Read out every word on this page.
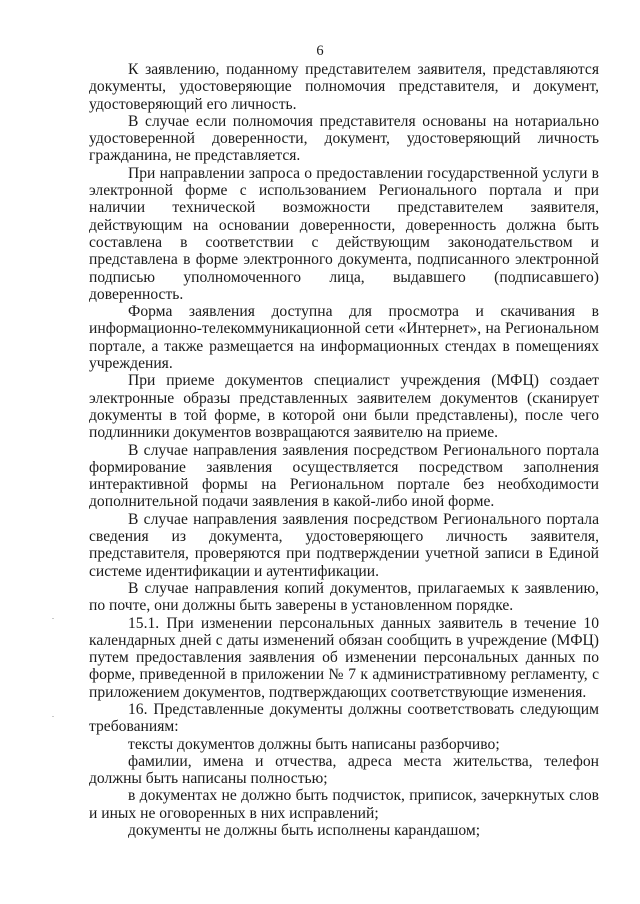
6

К заявлению, поданному представителем заявителя, представляются документы, удостоверяющие полномочия представителя, и документ, удостоверяющий его личность.

В случае если полномочия представителя основаны на нотариально удостоверенной доверенности, документ, удостоверяющий личность гражданина, не представляется.

При направлении запроса о предоставлении государственной услуги в электронной форме с использованием Регионального портала и при наличии технической возможности представителем заявителя, действующим на основании доверенности, доверенность должна быть составлена в соответствии с действующим законодательством и представлена в форме электронного документа, подписанного электронной подписью уполномоченного лица, выдавшего (подписавшего) доверенность.

Форма заявления доступна для просмотра и скачивания в информационно-телекоммуникационной сети «Интернет», на Региональном портале, а также размещается на информационных стендах в помещениях учреждения.

При приеме документов специалист учреждения (МФЦ) создает электронные образы представленных заявителем документов (сканирует документы в той форме, в которой они были представлены), после чего подлинники документов возвращаются заявителю на приеме.

В случае направления заявления посредством Регионального портала формирование заявления осуществляется посредством заполнения интерактивной формы на Региональном портале без необходимости дополнительной подачи заявления в какой-либо иной форме.

В случае направления заявления посредством Регионального портала сведения из документа, удостоверяющего личность заявителя, представителя, проверяются при подтверждении учетной записи в Единой системе идентификации и аутентификации.

В случае направления копий документов, прилагаемых к заявлению, по почте, они должны быть заверены в установленном порядке.

15.1. При изменении персональных данных заявитель в течение 10 календарных дней с даты изменений обязан сообщить в учреждение (МФЦ) путем предоставления заявления об изменении персональных данных по форме, приведенной в приложении № 7 к административному регламенту, с приложением документов, подтверждающих соответствующие изменения.

16. Представленные документы должны соответствовать следующим требованиям:

тексты документов должны быть написаны разборчиво;

фамилии, имена и отчества, адреса места жительства, телефон должны быть написаны полностью;

в документах не должно быть подчисток, приписок, зачеркнутых слов и иных не оговоренных в них исправлений;

документы не должны быть исполнены карандашом;
